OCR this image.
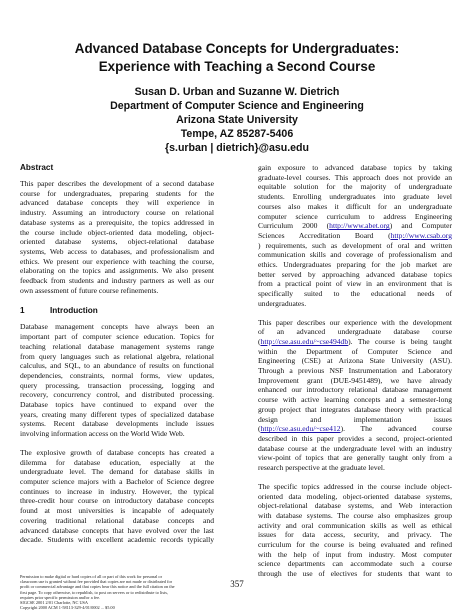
Advanced Database Concepts for Undergraduates:
Experience with Teaching a Second Course
Susan D. Urban and Suzanne W. Dietrich
Department of Computer Science and Engineering
Arizona State University
Tempe, AZ 85287-5406
{s.urban | dietrich}@asu.edu
Abstract
This paper describes the development of a second database
course for undergraduates, preparing students for the
advanced database concepts they will experience in
industry. Assuming an introductory course on relational
database systems as a prerequisite, the topics addressed in
the course include object-oriented data modeling, object-
oriented database systems, object-relational database
systems, Web access to databases, and professionalism and
ethics. We present our experience with teaching the course,
elaborating on the topics and assignments. We also present
feedback from students and industry partners as well as our
own assessment of future course refinements.
1	Introduction
Database management concepts have always been an
important part of computer science education. Topics for
teaching relational database management systems range
from query languages such as relational algebra, relational
calculus, and SQL, to an abundance of results on functional
dependencies, constraints, normal forms, view updates,
query processing, transaction processing, logging and
recovery, concurrency control, and distributed processing.
Database topics have continued to expand over the
years, creating many different types of specialized database
systems. Recent database developments include issues
involving information access on the World Wide Web.
The explosive growth of database concepts has created a
dilemma for database education, especially at the
undergraduate level. The demand for database skills in
computer science majors with a Bachelor of Science degree
continues to increase in industry. However, the typical
three-credit hour course on introductory database concepts
found at most universities is incapable of adequately
covering traditional relational database concepts and
advanced database concepts that have evolved over the last
decade. Students with excellent academic records typically
gain exposure to advanced database topics by taking
graduate-level courses. This approach does not provide an
equitable solution for the majority of undergraduate
students. Enrolling undergraduates into graduate level
courses also makes it difficult for an undergraduate
computer science curriculum to address Engineering
Curriculum 2000 (http://www.abet.org) and Computer
Sciences Accreditation Board (http://www.csab.org
) requirements, such as development of oral and written
communication skills and coverage of professionalism and
ethics. Undergraduates preparing for the job market are
better served by approaching advanced database topics
from a practical point of view in an environment that is
specifically suited to the educational needs of
undergraduates.
This paper describes our experience with the development
of an advanced undergraduate database course
(http://cse.asu.edu/~cse494db). The course is being taught
within the Department of Computer Science and
Engineering (CSE) at Arizona State University (ASU).
Through a previous NSF Instrumentation and Laboratory
Improvement grant (DUE-9451489), we have already
enhanced our introductory relational database management
course with active learning concepts and a semester-long
group project that integrates database theory with practical
design and implementation issues
(http://cse.asu.edu/~cse412). The advanced course
described in this paper provides a second, project-oriented
database course at the undergraduate level with an industry
view-point of topics that are generally taught only from a
research perspective at the graduate level.
The specific topics addressed in the course include object-
oriented data modeling, object-oriented database systems,
object-relational database systems, and Web interaction
with database systems. The course also emphasizes group
activity and oral communication skills as well as ethical
issues for data access, security, and privacy. The
curriculum for the course is being evaluated and refined
with the help of input from industry. Most computer
science departments can accommodate such a course
through the use of electives for students that want to
Permission to make digital or hard copies of all or part of this work for personal or
classroom use is granted without fee provided that copies are not made or distributed for
profit or commercial advantage and that copies bear this notice and the full citation on the
first page. To copy otherwise, to republish, to post on servers or to redistribute to lists,
requires prior specific permission and/or a fee.
SIGCSE 2001 2/01 Charlotte, NC USA
Copyright 2000 ACM 1-58113-329-4/01/0002 ... $5.00
357
